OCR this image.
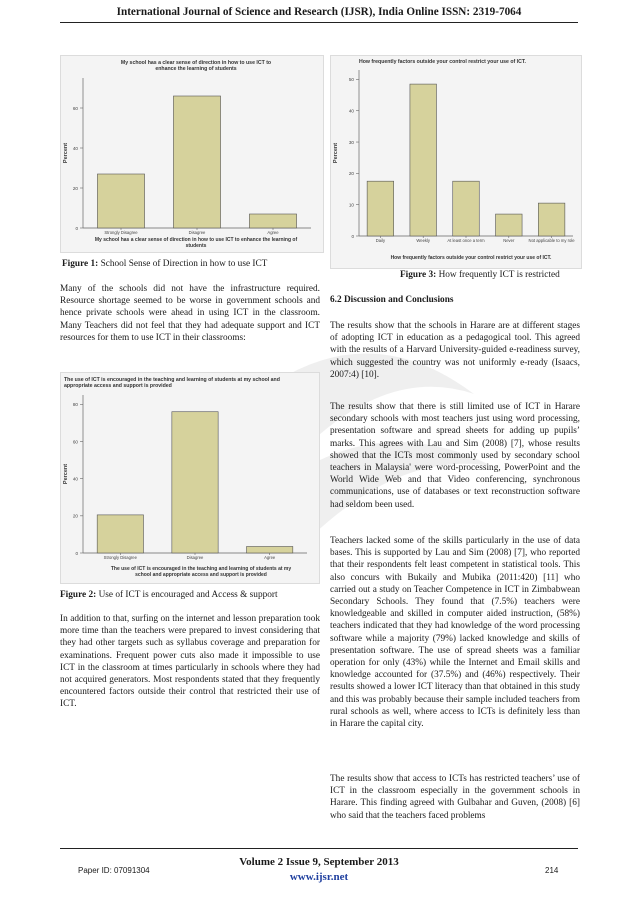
International Journal of Science and Research (IJSR), India Online ISSN: 2319-7064
My school has a clear sense of direction in how to use ICT to enhance the learning of students
Percent
0
20
40
60
Strongly Disagree	Disagree	Agree
My school has a clear sense of direction in how to use ICT to enhance the learning of students
Figure 1: School Sense of Direction in how to use ICT

Many of the schools did not have the infrastructure required. Resource shortage seemed to be worse in government schools and hence private schools were ahead in using ICT in the classroom. Many Teachers did not feel that they had adequate support and ICT resources for them to use ICT in their classrooms:

The use of ICT is encouraged in the teaching and learning of students at my school and appropriate access and support is provided
Percent
0
20
40
60
80
Strongly Disagree	Disagree	Agree
The use of ICT is encouraged in the teaching and learning of students at my school and appropriate access and support is provided
Figure 2: Use of ICT is encouraged and Access & support

In addition to that, surfing on the internet and lesson preparation took more time than the teachers were prepared to invest considering that they had other targets such as syllabus coverage and preparation for examinations. Frequent power cuts also made it impossible to use ICT in the classroom at times particularly in schools where they had not acquired generators. Most respondents stated that they frequently encountered factors outside their control that restricted their use of ICT.

How frequently factors outside your control restrict your use of ICT.
Percent
0
10
20
30
40
50
Daily	Weekly	At least once a term	Never	Not applicable to my role
How frequently factors outside your control restrict your use of ICT.
Figure 3: How frequently ICT is restricted
6.2 Discussion and Conclusions

The results show that the schools in Harare are at different stages of adopting ICT in education as a pedagogical tool. This agreed with the results of a Harvard University-guided e-readiness survey, which suggested the country was not uniformly e-ready (Isaacs, 2007:4) [10].

The results show that there is still limited use of ICT in Harare secondary schools with most teachers just using word processing, presentation software and spread sheets for adding up pupils’ marks. This agrees with Lau and Sim (2008) [7], whose results showed that the ICTs most commonly used by secondary school teachers in Malaysia' were word-processing, PowerPoint and the World Wide Web and that Video conferencing, synchronous communications, use of databases or text reconstruction software had seldom been used.

Teachers lacked some of the skills particularly in the use of data bases. This is supported by Lau and Sim (2008) [7], who reported that their respondents felt least competent in statistical tools. This also concurs with Bukaily and Mubika (2011:420) [11] who carried out a study on Teacher Competence in ICT in Zimbabwean Secondary Schools. They found that (7.5%) teachers were knowledgeable and skilled in computer aided instruction, (58%) teachers indicated that they had knowledge of the word processing software while a majority (79%) lacked knowledge and skills of presentation software. The use of spread sheets was a familiar operation for only (43%) while the Internet and Email skills and knowledge accounted for (37.5%) and (46%) respectively. Their results showed a lower ICT literacy than that obtained in this study and this was probably because their sample included teachers from rural schools as well, where access to ICTs is definitely less than in Harare the capital city.

The results show that access to ICTs has restricted teachers’ use of ICT in the classroom especially in the government schools in Harare. This finding agreed with Gulbahar and Guven, (2008) [6] who said that the teachers faced problems

Volume 2 Issue 9, September 2013
www.ijsr.net
Paper ID: 07091304	214
